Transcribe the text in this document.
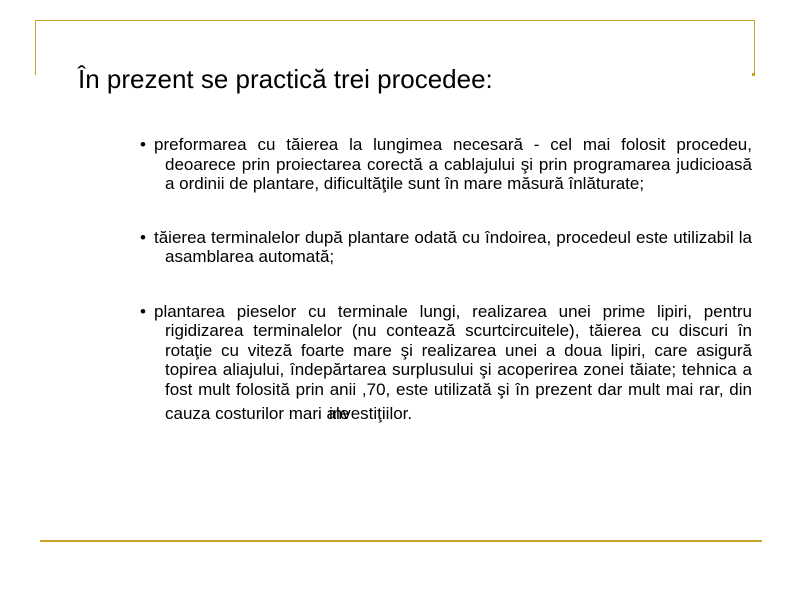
În prezent se practică trei procedee:
• preformarea cu tăierea la lungimea necesară - cel mai folosit procedeu, deoarece prin proiectarea corectă a cablajului şi prin programarea judicioasă a ordinii de plantare, dificultăţile sunt în mare măsură înlăturate;
• tăierea terminalelor după plantare odată cu îndoirea, procedeul este utilizabil la asamblarea automată;
• plantarea pieselor cu terminale lungi, realizarea unei prime lipiri, pentru rigidizarea terminalelor (nu contează scurtcircuitele), tăierea cu discuri în rotaţie cu viteză foarte mare şi realizarea unei a doua lipiri, care asigură topirea aliajului, îndepărtarea surplusului şi acoperirea zonei tăiate; tehnica a fost mult folosită prin anii ,70, este utilizată şi în prezent dar mult mai rar, din cauza costurilor mari ale investiţiilor.
